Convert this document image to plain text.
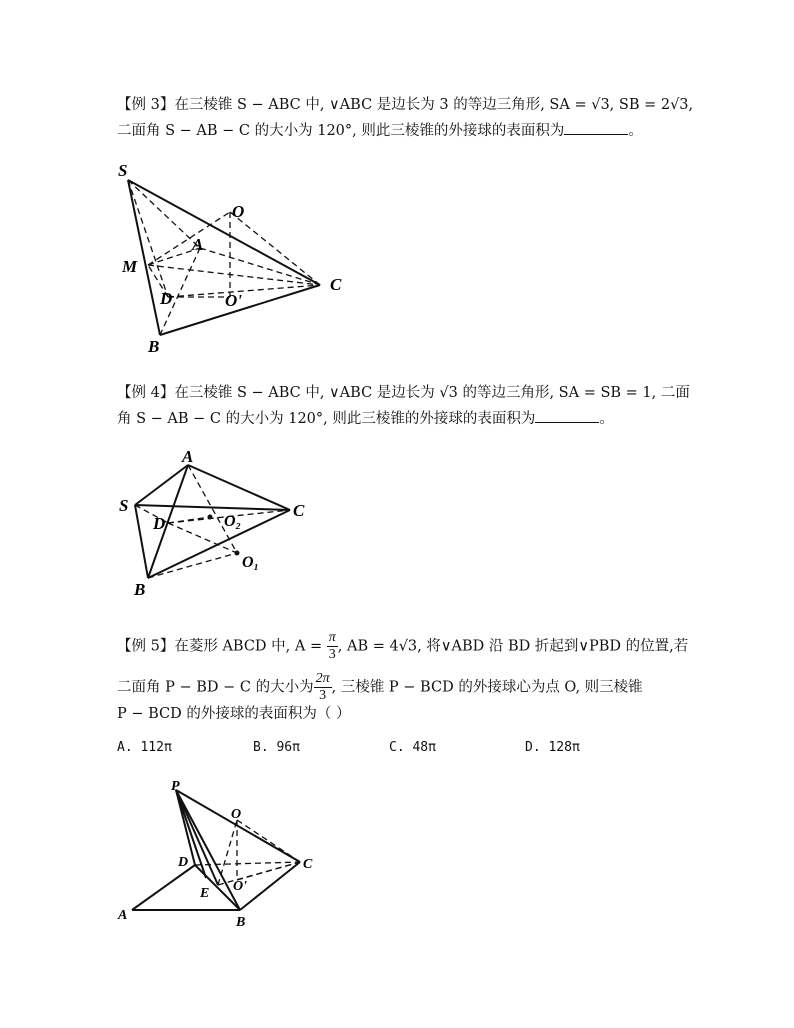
【例 3】在三棱锥 S − ABC 中, ∨ABC 是边长为 3 的等边三角形, SA = √3, SB = 2√3,
二面角 S − AB − C 的大小为 120°, 则此三棱锥的外接球的表面积为	。
S
O
A
M
C
D	O'
B
【例 4】在三棱锥 S − ABC 中, ∨ABC 是边长为 √3 的等边三角形, SA = SB = 1, 二面
角 S − AB − C 的大小为 120°, 则此三棱锥的外接球的表面积为	。
A
S	C
D	O₂
O₁
B
【例 5】在菱形 ABCD 中, $A = \frac{\pi}{3}$ , AB = 4√3, 将∨ABD 沿 BD 折起到∨PBD 的位置,若
二面角 P − BD − C 的大小为 $\frac{2\pi}{3}$ , 三棱锥 P − BCD 的外接球心为点 O, 则三棱锥
P − BCD 的外接球的表面积为（ ）
A. 112π	B. 96π	C. 48π	D. 128π
P
O
D	C
E O'
A	B
